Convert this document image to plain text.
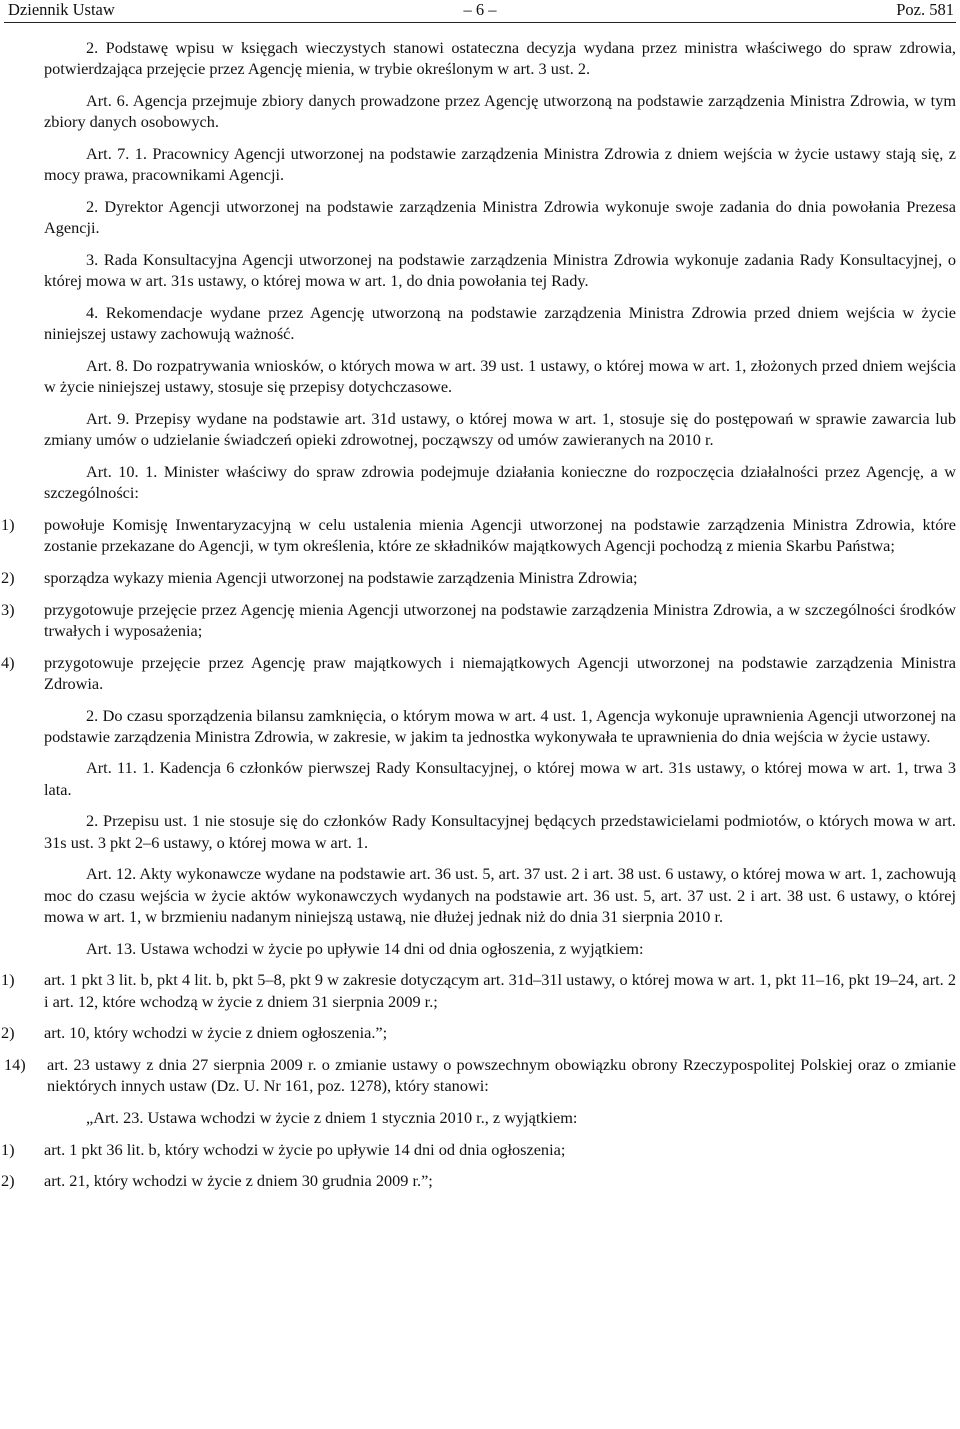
Dziennik Ustaw	– 6 –	Poz. 581

2. Podstawę wpisu w księgach wieczystych stanowi ostateczna decyzja wydana przez ministra właściwego do spraw zdrowia, potwierdzająca przejęcie przez Agencję mienia, w trybie określonym w art. 3 ust. 2.

Art. 6. Agencja przejmuje zbiory danych prowadzone przez Agencję utworzoną na podstawie zarządzenia Ministra Zdrowia, w tym zbiory danych osobowych.

Art. 7. 1. Pracownicy Agencji utworzonej na podstawie zarządzenia Ministra Zdrowia z dniem wejścia w życie ustawy stają się, z mocy prawa, pracownikami Agencji.

2. Dyrektor Agencji utworzonej na podstawie zarządzenia Ministra Zdrowia wykonuje swoje zadania do dnia powołania Prezesa Agencji.

3. Rada Konsultacyjna Agencji utworzonej na podstawie zarządzenia Ministra Zdrowia wykonuje zadania Rady Konsultacyjnej, o której mowa w art. 31s ustawy, o której mowa w art. 1, do dnia powołania tej Rady.

4. Rekomendacje wydane przez Agencję utworzoną na podstawie zarządzenia Ministra Zdrowia przed dniem wejścia w życie niniejszej ustawy zachowują ważność.

Art. 8. Do rozpatrywania wniosków, o których mowa w art. 39 ust. 1 ustawy, o której mowa w art. 1, złożonych przed dniem wejścia w życie niniejszej ustawy, stosuje się przepisy dotychczasowe.

Art. 9. Przepisy wydane na podstawie art. 31d ustawy, o której mowa w art. 1, stosuje się do postępowań w sprawie zawarcia lub zmiany umów o udzielanie świadczeń opieki zdrowotnej, począwszy od umów zawieranych na 2010 r.

Art. 10. 1. Minister właściwy do spraw zdrowia podejmuje działania konieczne do rozpoczęcia działalności przez Agencję, a w szczególności:

1)	powołuje Komisję Inwentaryzacyjną w celu ustalenia mienia Agencji utworzonej na podstawie zarządzenia Ministra Zdrowia, które zostanie przekazane do Agencji, w tym określenia, które ze składników majątkowych Agencji pochodzą z mienia Skarbu Państwa;
2)	sporządza wykazy mienia Agencji utworzonej na podstawie zarządzenia Ministra Zdrowia;
3)	przygotowuje przejęcie przez Agencję mienia Agencji utworzonej na podstawie zarządzenia Ministra Zdrowia, a w szczególności środków trwałych i wyposażenia;
4)	przygotowuje przejęcie przez Agencję praw majątkowych i niemajątkowych Agencji utworzonej na podstawie zarządzenia Ministra Zdrowia.

2. Do czasu sporządzenia bilansu zamknięcia, o którym mowa w art. 4 ust. 1, Agencja wykonuje uprawnienia Agencji utworzonej na podstawie zarządzenia Ministra Zdrowia, w zakresie, w jakim ta jednostka wykonywała te uprawnienia do dnia wejścia w życie ustawy.

Art. 11. 1. Kadencja 6 członków pierwszej Rady Konsultacyjnej, o której mowa w art. 31s ustawy, o której mowa w art. 1, trwa 3 lata.

2. Przepisu ust. 1 nie stosuje się do członków Rady Konsultacyjnej będących przedstawicielami podmiotów, o których mowa w art. 31s ust. 3 pkt 2–6 ustawy, o której mowa w art. 1.

Art. 12. Akty wykonawcze wydane na podstawie art. 36 ust. 5, art. 37 ust. 2 i art. 38 ust. 6 ustawy, o której mowa w art. 1, zachowują moc do czasu wejścia w życie aktów wykonawczych wydanych na podstawie art. 36 ust. 5, art. 37 ust. 2 i art. 38 ust. 6 ustawy, o której mowa w art. 1, w brzmieniu nadanym niniejszą ustawą, nie dłużej jednak niż do dnia 31 sierpnia 2010 r.

Art. 13. Ustawa wchodzi w życie po upływie 14 dni od dnia ogłoszenia, z wyjątkiem:

1)	art. 1 pkt 3 lit. b, pkt 4 lit. b, pkt 5–8, pkt 9 w zakresie dotyczącym art. 31d–31l ustawy, o której mowa w art. 1, pkt 11–16, pkt 19–24, art. 2 i art. 12, które wchodzą w życie z dniem 31 sierpnia 2009 r.;
2)	art. 10, który wchodzi w życie z dniem ogłoszenia.”;
14)	art. 23 ustawy z dnia 27 sierpnia 2009 r. o zmianie ustawy o powszechnym obowiązku obrony Rzeczypospolitej Polskiej oraz o zmianie niektórych innych ustaw (Dz. U. Nr 161, poz. 1278), który stanowi:

„Art. 23. Ustawa wchodzi w życie z dniem 1 stycznia 2010 r., z wyjątkiem:

1)	art. 1 pkt 36 lit. b, który wchodzi w życie po upływie 14 dni od dnia ogłoszenia;
2)	art. 21, który wchodzi w życie z dniem 30 grudnia 2009 r.”;
